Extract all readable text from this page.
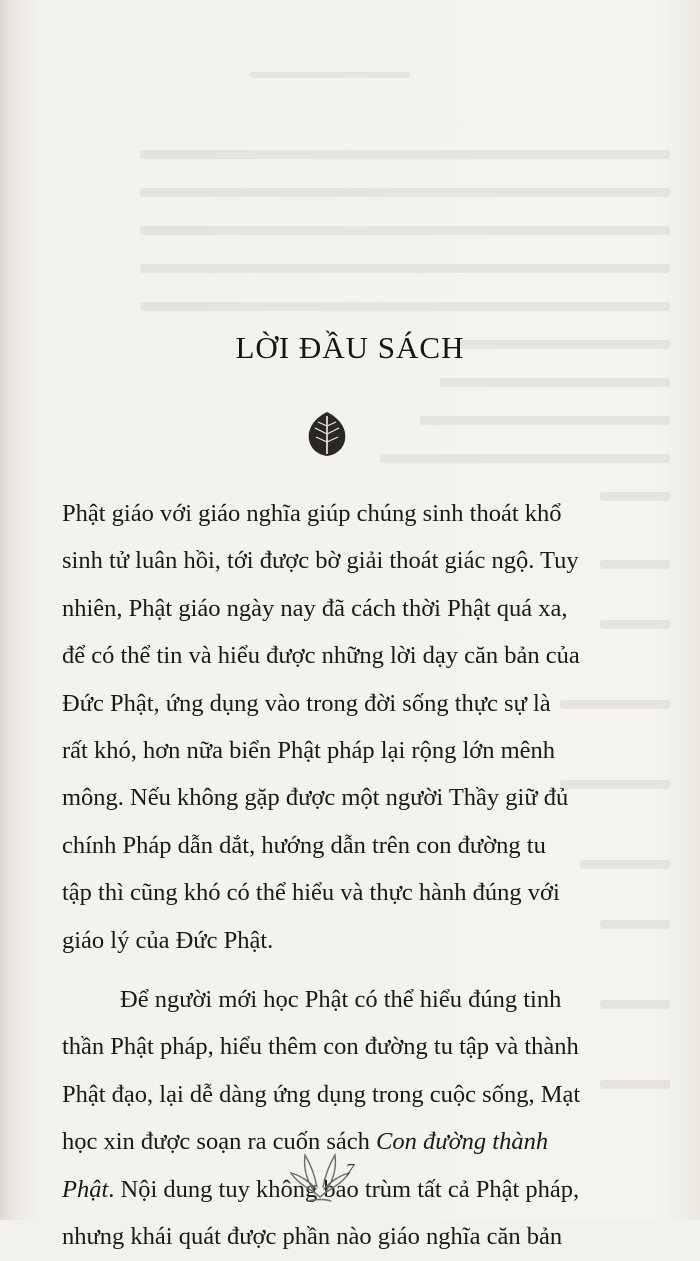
LỜI ĐẦU SÁCH
Phật giáo với giáo nghĩa giúp chúng sinh thoát khổ
sinh tử luân hồi, tới được bờ giải thoát giác ngộ. Tuy
nhiên, Phật giáo ngày nay đã cách thời Phật quá xa,
để có thể tin và hiểu được những lời dạy căn bản của
Đức Phật, ứng dụng vào trong đời sống thực sự là
rất khó, hơn nữa biển Phật pháp lại rộng lớn mênh
mông. Nếu không gặp được một người Thầy giữ đủ
chính Pháp dẫn dắt, hướng dẫn trên con đường tu
tập thì cũng khó có thể hiểu và thực hành đúng với
giáo lý của Đức Phật.
Để người mới học Phật có thể hiểu đúng tinh
thần Phật pháp, hiểu thêm con đường tu tập và thành
Phật đạo, lại dễ dàng ứng dụng trong cuộc sống, Mạt
học xin được soạn ra cuốn sách Con đường thành
Phật. Nội dung tuy không bao trùm tất cả Phật pháp,
nhưng khái quát được phần nào giáo nghĩa căn bản
7
